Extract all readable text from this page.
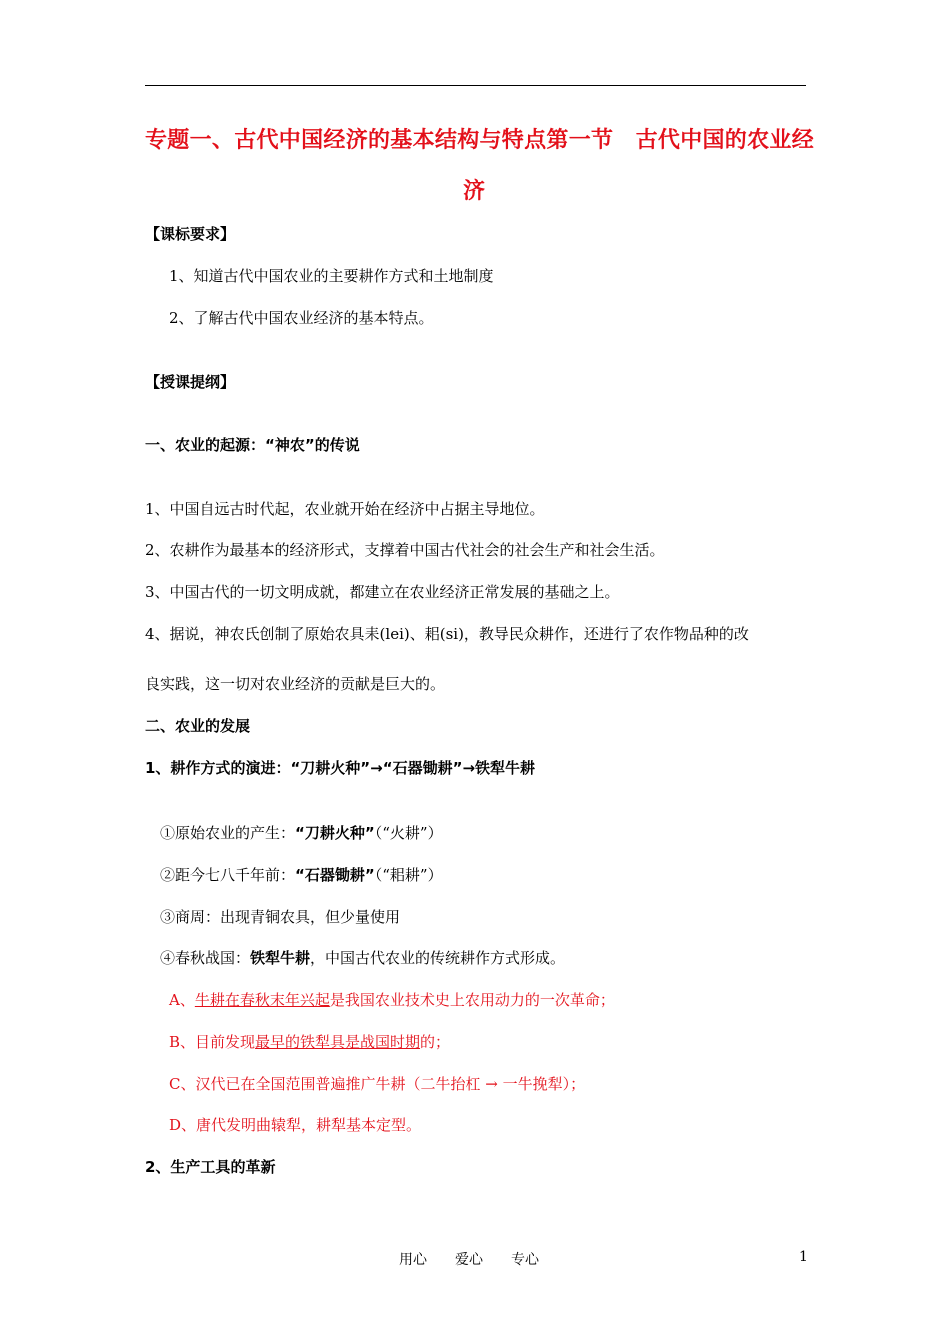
专题一、古代中国经济的基本结构与特点第一节　古代中国的农业经
济
【课标要求】
1、知道古代中国农业的主要耕作方式和土地制度
2、了解古代中国农业经济的基本特点。
【授课提纲】
一、农业的起源：“神农”的传说
1、中国自远古时代起，农业就开始在经济中占据主导地位。
2、农耕作为最基本的经济形式，支撑着中国古代社会的社会生产和社会生活。
3、中国古代的一切文明成就，都建立在农业经济正常发展的基础之上。
4、据说，神农氏创制了原始农具耒(lei)、耜(si)，教导民众耕作，还进行了农作物品种的改
良实践，这一切对农业经济的贡献是巨大的。
二、农业的发展
1、耕作方式的演进：“刀耕火种”→“石器锄耕”→铁犁牛耕
①原始农业的产生：“刀耕火种”（“火耕”）
②距今七八千年前：“石器锄耕”（“耜耕”）
③商周：出现青铜农具，但少量使用
④春秋战国：铁犁牛耕，中国古代农业的传统耕作方式形成。
A、牛耕在春秋末年兴起是我国农业技术史上农用动力的一次革命；
B、目前发现最早的铁犁具是战国时期的；
C、汉代已在全国范围普遍推广牛耕（二牛抬杠 → 一牛挽犁）；
D、唐代发明曲辕犁，耕犁基本定型。
2、生产工具的革新
用心　　爱心　　专心	1
